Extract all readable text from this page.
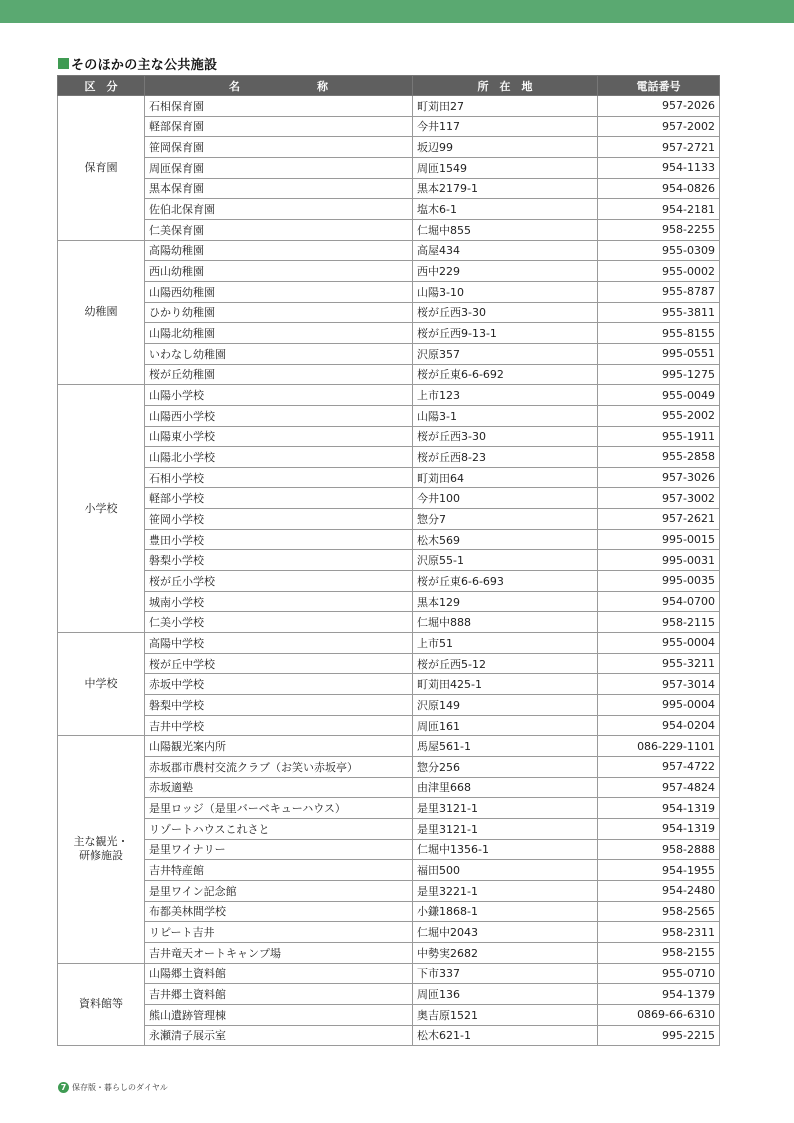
そのほかの主な公共施設
区　分	名　　　　　　　称	所　在　地	電話番号
保育園	石相保育園	町苅田27	957-2026
	軽部保育園	今井117	957-2002
	笹岡保育園	坂辺99	957-2721
	周匝保育園	周匝1549	954-1133
	黒本保育園	黒本2179-1	954-0826
	佐伯北保育園	塩木6-1	954-2181
	仁美保育園	仁堀中855	958-2255
幼稚園	高陽幼稚園	高屋434	955-0309
	西山幼稚園	西中229	955-0002
	山陽西幼稚園	山陽3-10	955-8787
	ひかり幼稚園	桜が丘西3-30	955-3811
	山陽北幼稚園	桜が丘西9-13-1	955-8155
	いわなし幼稚園	沢原357	995-0551
	桜が丘幼稚園	桜が丘東6-6-692	995-1275
小学校	山陽小学校	上市123	955-0049
	山陽西小学校	山陽3-1	955-2002
	山陽東小学校	桜が丘西3-30	955-1911
	山陽北小学校	桜が丘西8-23	955-2858
	石相小学校	町苅田64	957-3026
	軽部小学校	今井100	957-3002
	笹岡小学校	惣分7	957-2621
	豊田小学校	松木569	995-0015
	磐梨小学校	沢原55-1	995-0031
	桜が丘小学校	桜が丘東6-6-693	995-0035
	城南小学校	黒本129	954-0700
	仁美小学校	仁堀中888	958-2115
中学校	高陽中学校	上市51	955-0004
	桜が丘中学校	桜が丘西5-12	955-3211
	赤坂中学校	町苅田425-1	957-3014
	磐梨中学校	沢原149	995-0004
	吉井中学校	周匝161	954-0204
主な観光・
研修施設	山陽観光案内所	馬屋561-1	086-229-1101
	赤坂郡市農村交流クラブ（お笑い赤坂亭）	惣分256	957-4722
	赤坂適塾	由津里668	957-4824
	是里ロッジ（是里バーベキューハウス）	是里3121-1	954-1319
	リゾートハウスこれさと	是里3121-1	954-1319
	是里ワイナリー	仁堀中1356-1	958-2888
	吉井特産館	福田500	954-1955
	是里ワイン記念館	是里3221-1	954-2480
	布都美林間学校	小鎌1868-1	958-2565
	リピート吉井	仁堀中2043	958-2311
	吉井竜天オートキャンプ場	中勢実2682	958-2155
資料館等	山陽郷土資料館	下市337	955-0710
	吉井郷土資料館	周匝136	954-1379
	熊山遺跡管理棟	奥吉原1521	0869-66-6310
	永瀬清子展示室	松木621-1	995-2215
7 保存版・暮らしのダイヤル
